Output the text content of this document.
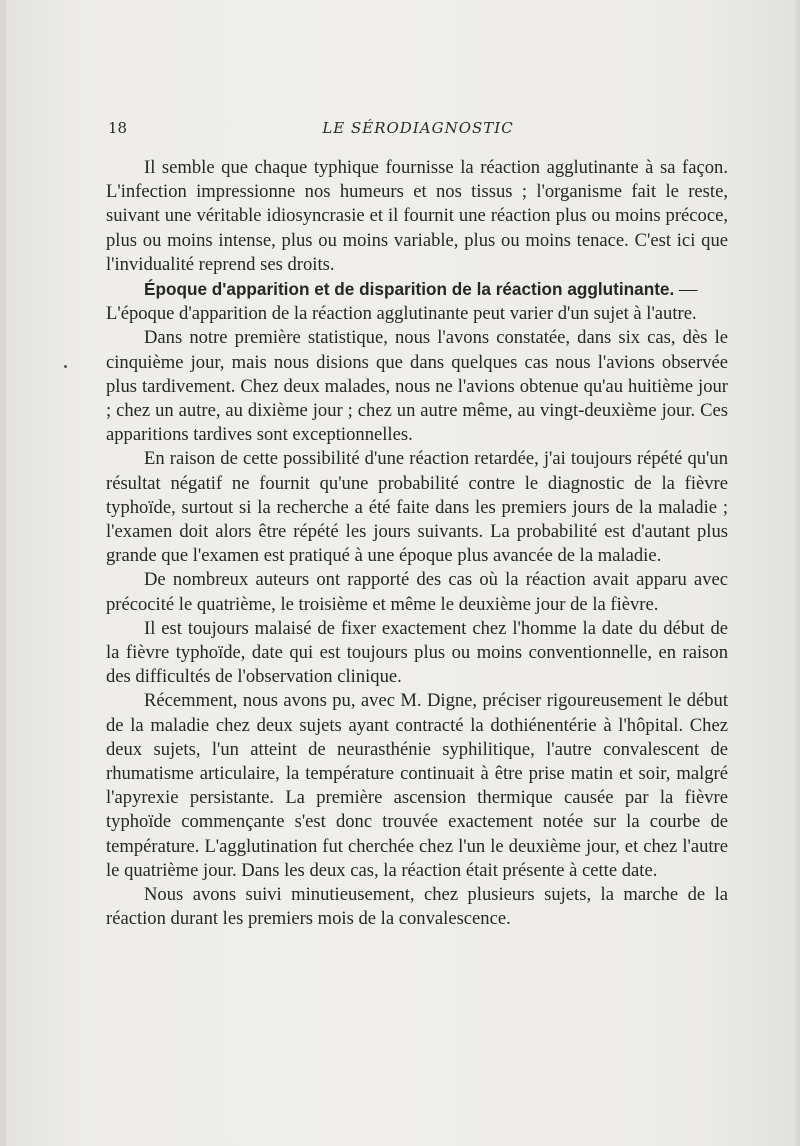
18	LE SÉRODIAGNOSTIC

Il semble que chaque typhique fournisse la réaction agglutinante à sa façon. L'infection impressionne nos humeurs et nos tissus ; l'organisme fait le reste, suivant une véritable idiosyncrasie et il fournit une réaction plus ou moins précoce, plus ou moins intense, plus ou moins variable, plus ou moins tenace. C'est ici que l'invidualité reprend ses droits.

Époque d'apparition et de disparition de la réaction agglutinante. —

L'époque d'apparition de la réaction agglutinante peut varier d'un sujet à l'autre.

Dans notre première statistique, nous l'avons constatée, dans six cas, dès le cinquième jour, mais nous disions que dans quelques cas nous l'avions observée plus tardivement. Chez deux malades, nous ne l'avions obtenue qu'au huitième jour ; chez un autre, au dixième jour ; chez un autre même, au vingt-deuxième jour. Ces apparitions tardives sont exceptionnelles.

En raison de cette possibilité d'une réaction retardée, j'ai toujours répété qu'un résultat négatif ne fournit qu'une probabilité contre le diagnostic de la fièvre typhoïde, surtout si la recherche a été faite dans les premiers jours de la maladie ; l'examen doit alors être répété les jours suivants. La probabilité est d'autant plus grande que l'examen est pratiqué à une époque plus avancée de la maladie.

De nombreux auteurs ont rapporté des cas où la réaction avait apparu avec précocité le quatrième, le troisième et même le deuxième jour de la fièvre.

Il est toujours malaisé de fixer exactement chez l'homme la date du début de la fièvre typhoïde, date qui est toujours plus ou moins conventionnelle, en raison des difficultés de l'observation clinique.

Récemment, nous avons pu, avec M. Digne, préciser rigoureusement le début de la maladie chez deux sujets ayant contracté la dothiénentérie à l'hôpital. Chez deux sujets, l'un atteint de neurasthénie syphilitique, l'autre convalescent de rhumatisme articulaire, la température continuait à être prise matin et soir, malgré l'apyrexie persistante. La première ascension thermique causée par la fièvre typhoïde commençante s'est donc trouvée exactement notée sur la courbe de température. L'agglutination fut cherchée chez l'un le deuxième jour, et chez l'autre le quatrième jour. Dans les deux cas, la réaction était présente à cette date.

Nous avons suivi minutieusement, chez plusieurs sujets, la marche de la réaction durant les premiers mois de la convalescence.
